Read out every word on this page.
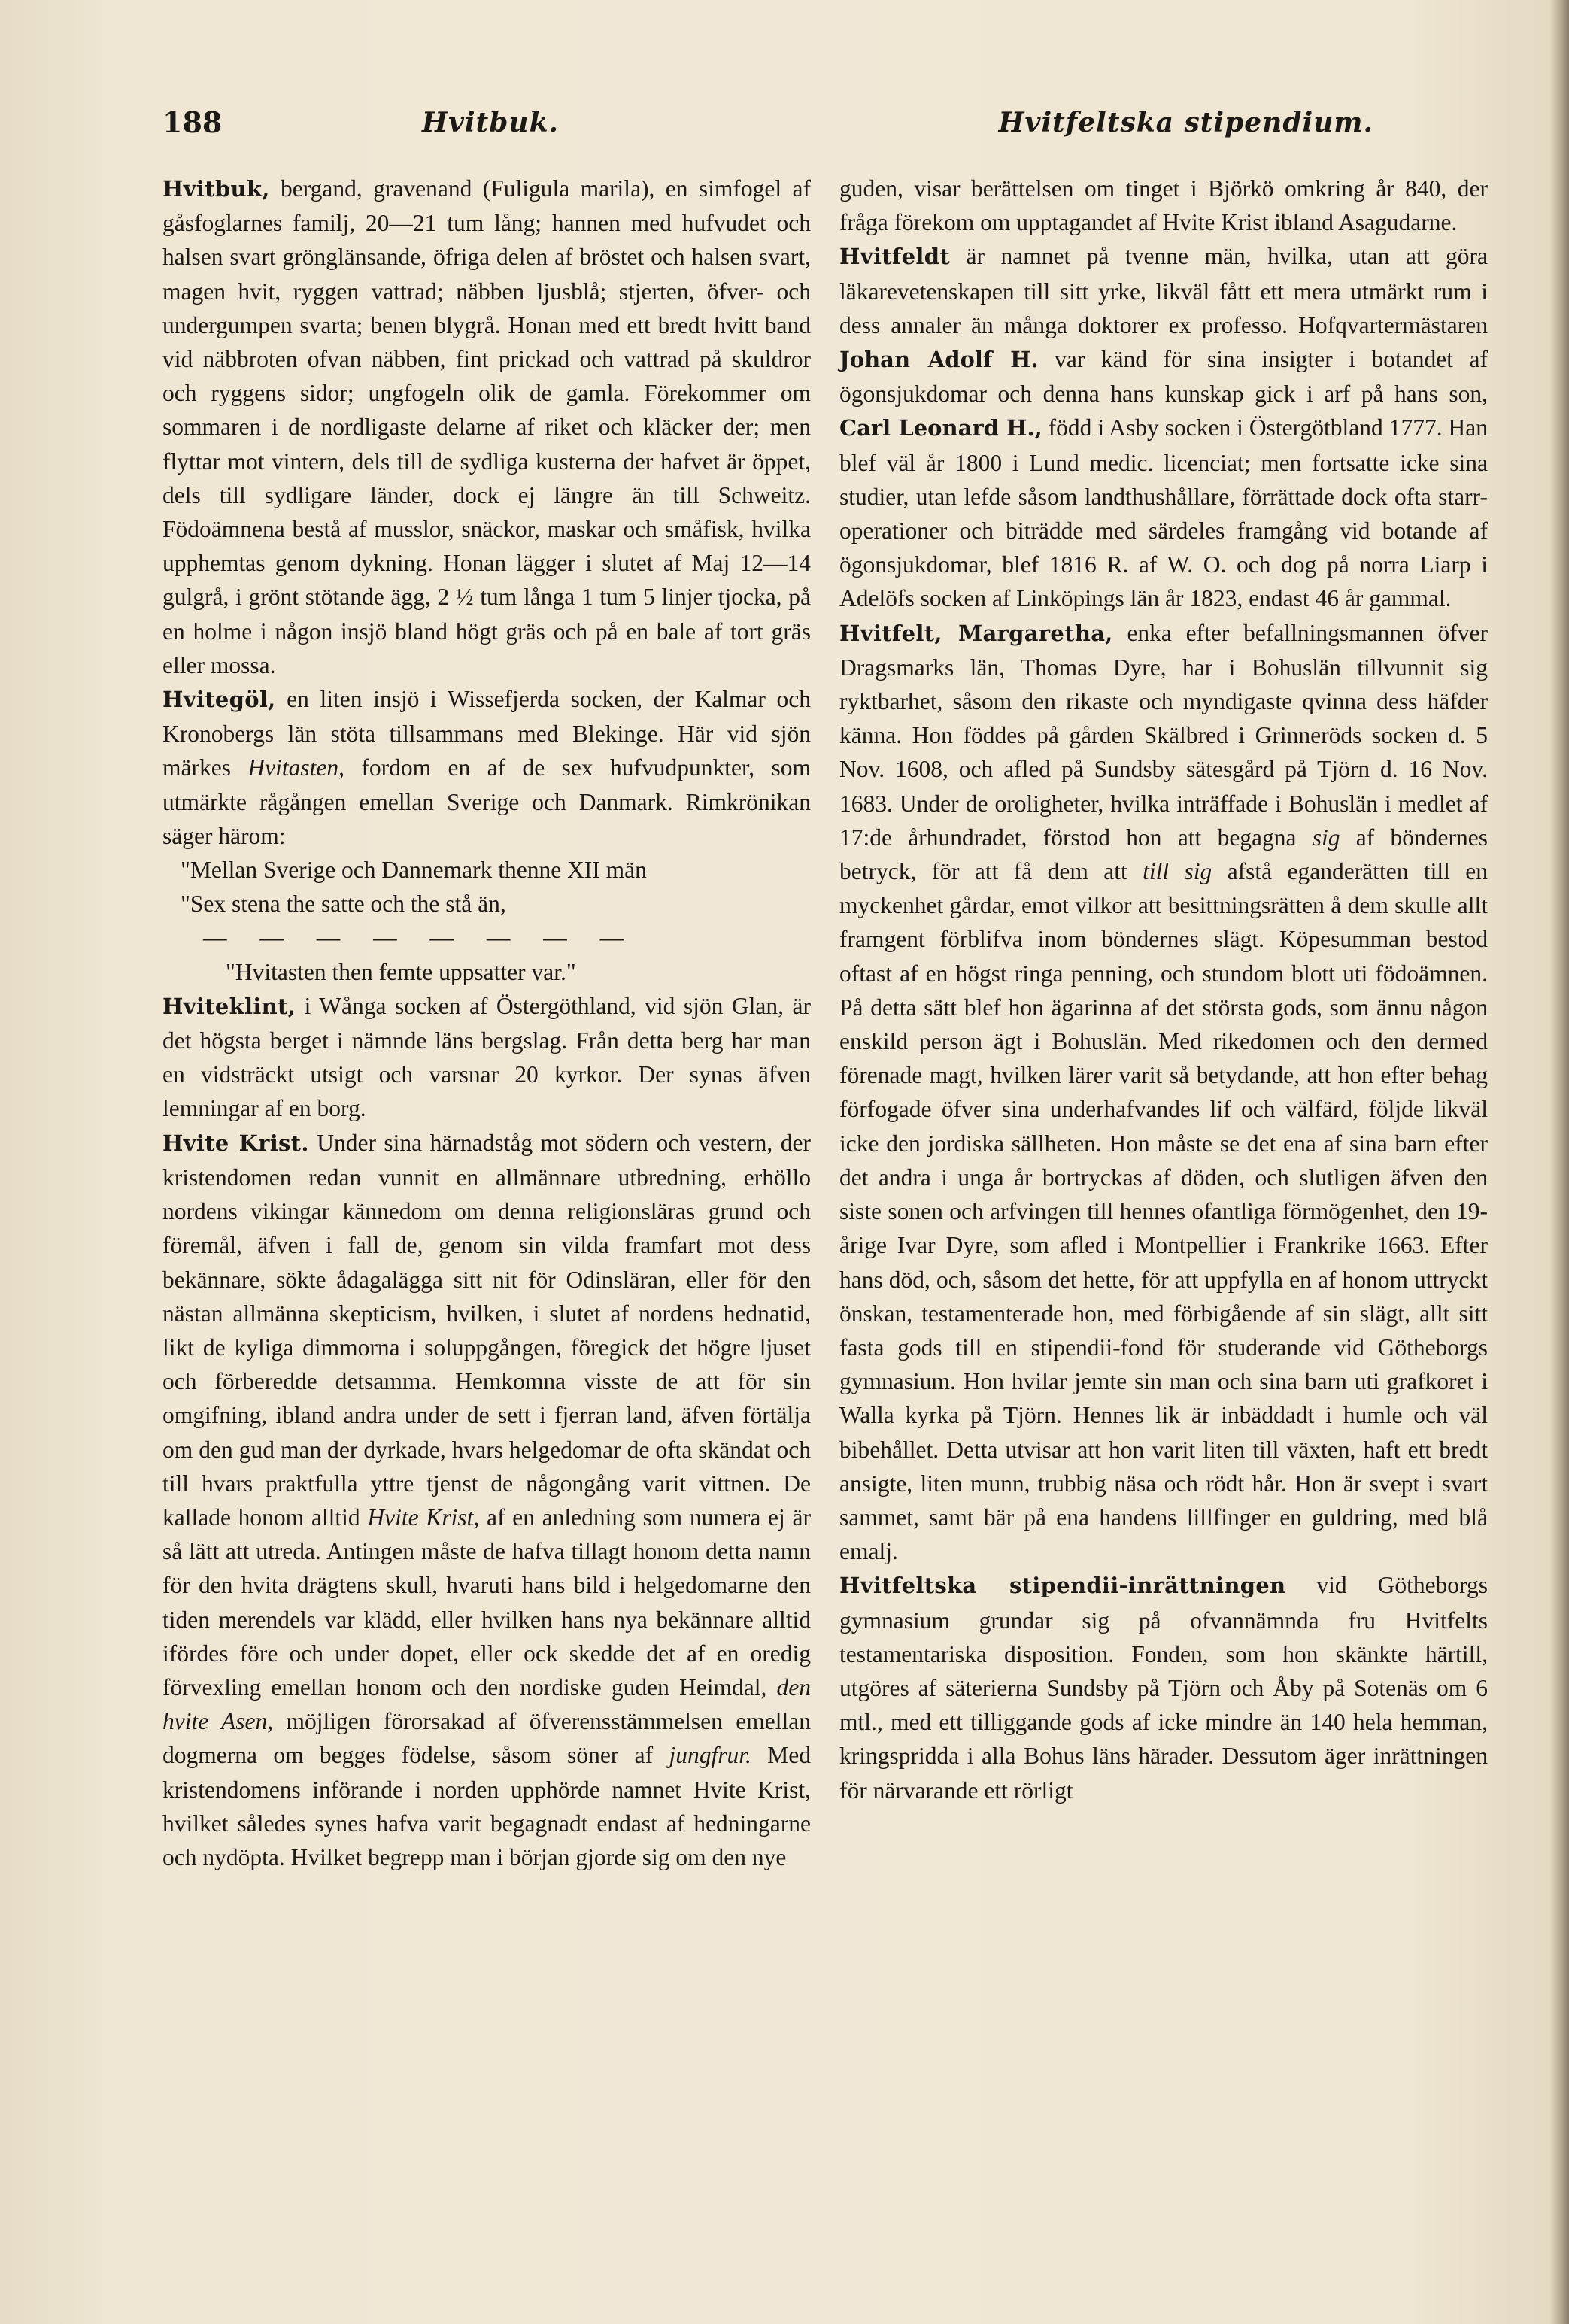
188	Hvitbuk.	Hvitfeltska stipendium.

Hvitbuk, bergand, gravenand (Fuligula marila), en simfogel af gåsfoglarnes familj, 20—21 tum lång; hannen med hufvudet och halsen svart grönglänsande, öfriga delen af bröstet och halsen svart, magen hvit, ryggen vattrad; näbben ljusblå; stjerten, öfver- och undergumpen svarta; benen blygrå. Honan med ett bredt hvitt band vid näbbroten ofvan näbben, fint prickad och vattrad på skuldror och ryggens sidor; ungfogeln olik de gamla. Förekommer om sommaren i de nordligaste delarne af riket och kläcker der; men flyttar mot vintern, dels till de sydliga kusterna der hafvet är öppet, dels till sydligare länder, dock ej längre än till Schweitz. Födoämnena bestå af musslor, snäckor, maskar och småfisk, hvilka upphemtas genom dykning. Honan lägger i slutet af Maj 12—14 gulgrå, i grönt stötande ägg, 2 ½ tum långa 1 tum 5 linjer tjocka, på en holme i någon insjö bland högt gräs och på en bale af tort gräs eller mossa.

Hvitegöl, en liten insjö i Wissefjerda socken, der Kalmar och Kronobergs län stöta tillsammans med Blekinge. Här vid sjön märkes Hvitasten, fordom en af de sex hufvudpunkter, som utmärkte rågången emellan Sverige och Danmark. Rimkrönikan säger härom:

"Mellan Sverige och Dannemark thenne XII män

"Sex stena the satte och the stå än,

— — — — — — — —

"Hvitasten then femte uppsatter var."

Hviteklint, i Wånga socken af Östergöthland, vid sjön Glan, är det högsta berget i nämnde läns bergslag. Från detta berg har man en vidsträckt utsigt och varsnar 20 kyrkor. Der synas äfven lemningar af en borg.

Hvite Krist. Under sina härnadståg mot södern och vestern, der kristendomen redan vunnit en allmännare utbredning, erhöllo nordens vikingar kännedom om denna religionsläras grund och föremål, äfven i fall de, genom sin vilda framfart mot dess bekännare, sökte ådagalägga sitt nit för Odinsläran, eller för den nästan allmänna skepticism, hvilken, i slutet af nordens hednatid, likt de kyliga dimmorna i soluppgången, föregick det högre ljuset och förberedde detsamma. Hemkomna visste de att för sin omgifning, ibland andra under de sett i fjerran land, äfven förtälja om den gud man der dyrkade, hvars helgedomar de ofta skändat och till hvars praktfulla yttre tjenst de någongång varit vittnen. De kallade honom alltid Hvite Krist, af en anledning som numera ej är så lätt att utreda. Antingen måste de hafva tillagt honom detta namn för den hvita drägtens skull, hvaruti hans bild i helgedomarne den tiden merendels var klädd, eller hvilken hans nya bekännare alltid ifördes före och under dopet, eller ock skedde det af en oredig förvexling emellan honom och den nordiske guden Heimdal, den hvite Asen, möjligen förorsakad af öfverensstämmelsen emellan dogmerna om begges födelse, såsom söner af jungfrur. Med kristendomens införande i norden upphörde namnet Hvite Krist, hvilket således synes hafva varit begagnadt endast af hedningarne och nydöpta. Hvilket begrepp man i början gjorde sig om den nye

guden, visar berättelsen om tinget i Björkö omkring år 840, der fråga förekom om upptagandet af Hvite Krist ibland Asagudarne.

Hvitfeldt är namnet på tvenne män, hvilka, utan att göra läkarevetenskapen till sitt yrke, likväl fått ett mera utmärkt rum i dess annaler än många doktorer ex professo. Hofqvartermästaren Johan Adolf H. var känd för sina insigter i botandet af ögonsjukdomar och denna hans kunskap gick i arf på hans son, Carl Leonard H., född i Asby socken i Östergötbland 1777. Han blef väl år 1800 i Lund medic. licenciat; men fortsatte icke sina studier, utan lefde såsom landthushållare, förrättade dock ofta starr-operationer och biträdde med särdeles framgång vid botande af ögonsjukdomar, blef 1816 R. af W. O. och dog på norra Liarp i Adelöfs socken af Linköpings län år 1823, endast 46 år gammal.

Hvitfelt, Margaretha, enka efter befallningsmannen öfver Dragsmarks län, Thomas Dyre, har i Bohuslän tillvunnit sig ryktbarhet, såsom den rikaste och myndigaste qvinna dess häfder känna. Hon föddes på gården Skälbred i Grinneröds socken d. 5 Nov. 1608, och afled på Sundsby sätesgård på Tjörn d. 16 Nov. 1683. Under de oroligheter, hvilka inträffade i Bohuslän i medlet af 17:de århundradet, förstod hon att begagna sig af böndernes betryck, för att få dem att till sig afstå eganderätten till en myckenhet gårdar, emot vilkor att besittningsrätten å dem skulle allt framgent förblifva inom böndernes slägt. Köpesumman bestod oftast af en högst ringa penning, och stundom blott uti födoämnen. På detta sätt blef hon ägarinna af det största gods, som ännu någon enskild person ägt i Bohuslän. Med rikedomen och den dermed förenade magt, hvilken lärer varit så betydande, att hon efter behag förfogade öfver sina underhafvandes lif och välfärd, följde likväl icke den jordiska sällheten. Hon måste se det ena af sina barn efter det andra i unga år bortryckas af döden, och slutligen äfven den siste sonen och arfvingen till hennes ofantliga förmögenhet, den 19-årige Ivar Dyre, som afled i Montpellier i Frankrike 1663. Efter hans död, och, såsom det hette, för att uppfylla en af honom uttryckt önskan, testamenterade hon, med förbigående af sin slägt, allt sitt fasta gods till en stipendii-fond för studerande vid Götheborgs gymnasium. Hon hvilar jemte sin man och sina barn uti grafkoret i Walla kyrka på Tjörn. Hennes lik är inbäddadt i humle och väl bibehållet. Detta utvisar att hon varit liten till växten, haft ett bredt ansigte, liten munn, trubbig näsa och rödt hår. Hon är svept i svart sammet, samt bär på ena handens lillfinger en guldring, med blå emalj.

Hvitfeltska stipendii-inrättningen vid Götheborgs gymnasium grundar sig på ofvannämnda fru Hvitfelts testamentariska disposition. Fonden, som hon skänkte härtill, utgöres af säterierna Sundsby på Tjörn och Åby på Sotenäs om 6 mtl., med ett tilliggande gods af icke mindre än 140 hela hemman, kringspridda i alla Bohus läns härader. Dessutom äger inrättningen för närvarande ett rörligt
